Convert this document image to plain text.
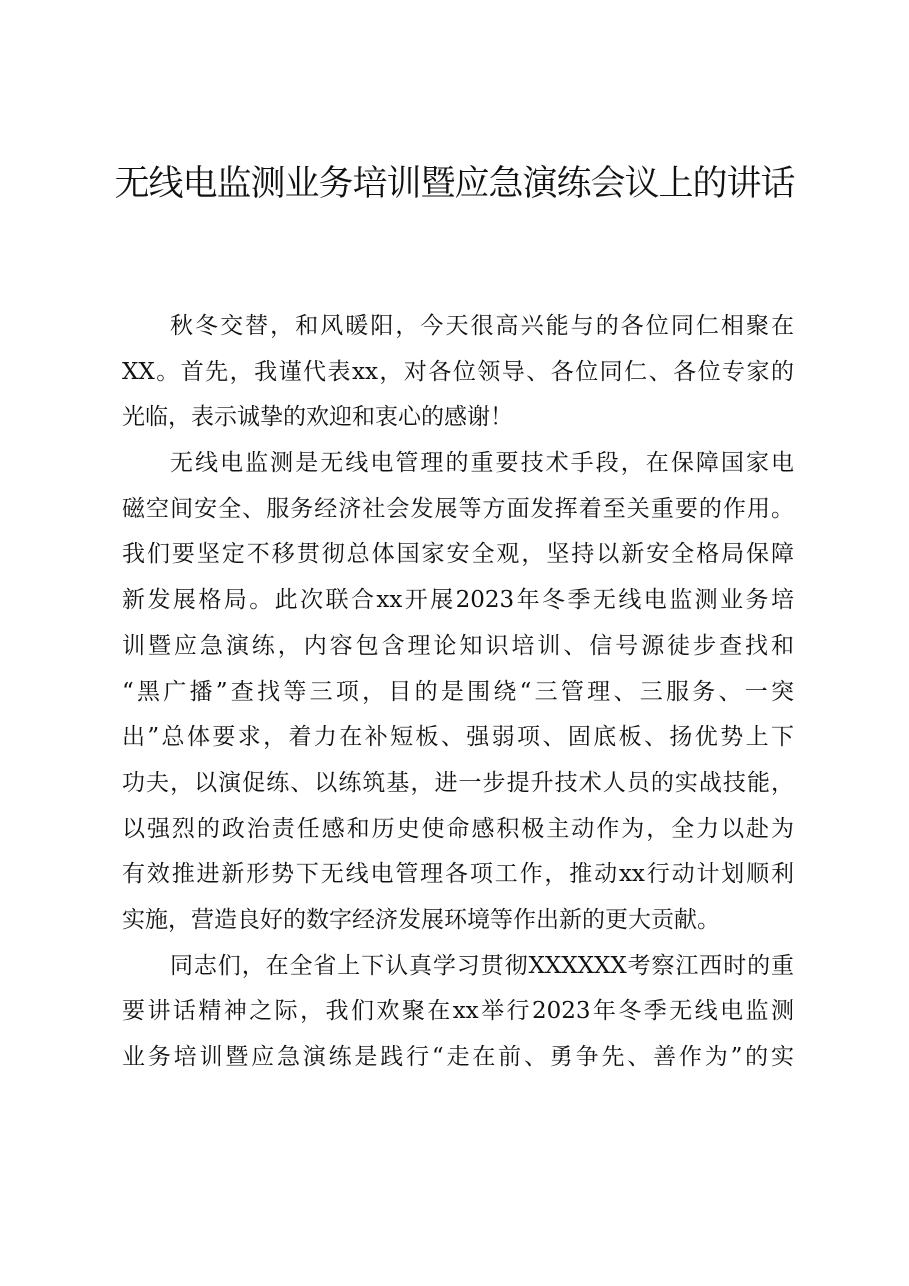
无线电监测业务培训暨应急演练会议上的讲话
秋冬交替，和风暖阳，今天很高兴能与的各位同仁相聚在
XX。首先，我谨代表xx，对各位领导、各位同仁、各位专家的
光临，表示诚挚的欢迎和衷心的感谢！
无线电监测是无线电管理的重要技术手段，在保障国家电
磁空间安全、服务经济社会发展等方面发挥着至关重要的作用。
我们要坚定不移贯彻总体国家安全观，坚持以新安全格局保障
新发展格局。此次联合xx开展2023年冬季无线电监测业务培
训暨应急演练，内容包含理论知识培训、信号源徒步查找和
“黑广播”查找等三项，目的是围绕“三管理、三服务、一突
出”总体要求，着力在补短板、强弱项、固底板、扬优势上下
功夫，以演促练、以练筑基，进一步提升技术人员的实战技能，
以强烈的政治责任感和历史使命感积极主动作为，全力以赴为
有效推进新形势下无线电管理各项工作，推动xx行动计划顺利
实施，营造良好的数字经济发展环境等作出新的更大贡献。
同志们，在全省上下认真学习贯彻XXXXXX考察江西时的重
要讲话精神之际，我们欢聚在xx举行2023年冬季无线电监测
业务培训暨应急演练是践行“走在前、勇争先、善作为”的实
